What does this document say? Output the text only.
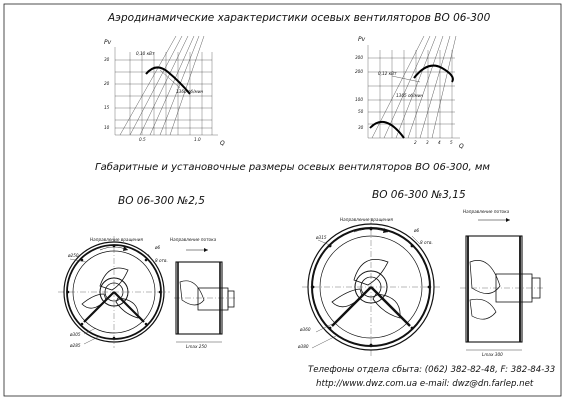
Аэродинамические характеристики осевых вентиляторов ВО 06-300
Габаритные и установочные размеры осевых вентиляторов ВО 06-300, мм
Pv
Q
30
20
15
10
0.5	1.0
0,10 кВт
1360 об/мин
Pv
Q
300
200
100
50
30
2 3 4 5
0,12 кВт
1365 об/мин
ВО 06-300 №2,5
Направление вращения	Направление потока
ø250
ø6
8 отв.
ø305
ø285	Lmax 250
ВО 06-300 №3,15
Направление вращения
Направление потока
ø315
ø6
8 отв.
ø360
ø380
Lmax 300
Телефоны отдела сбыта: (062) 382-82-48, F: 382-84-33
http://www.dwz.com.ua e-mail: dwz@dn.farlep.net
